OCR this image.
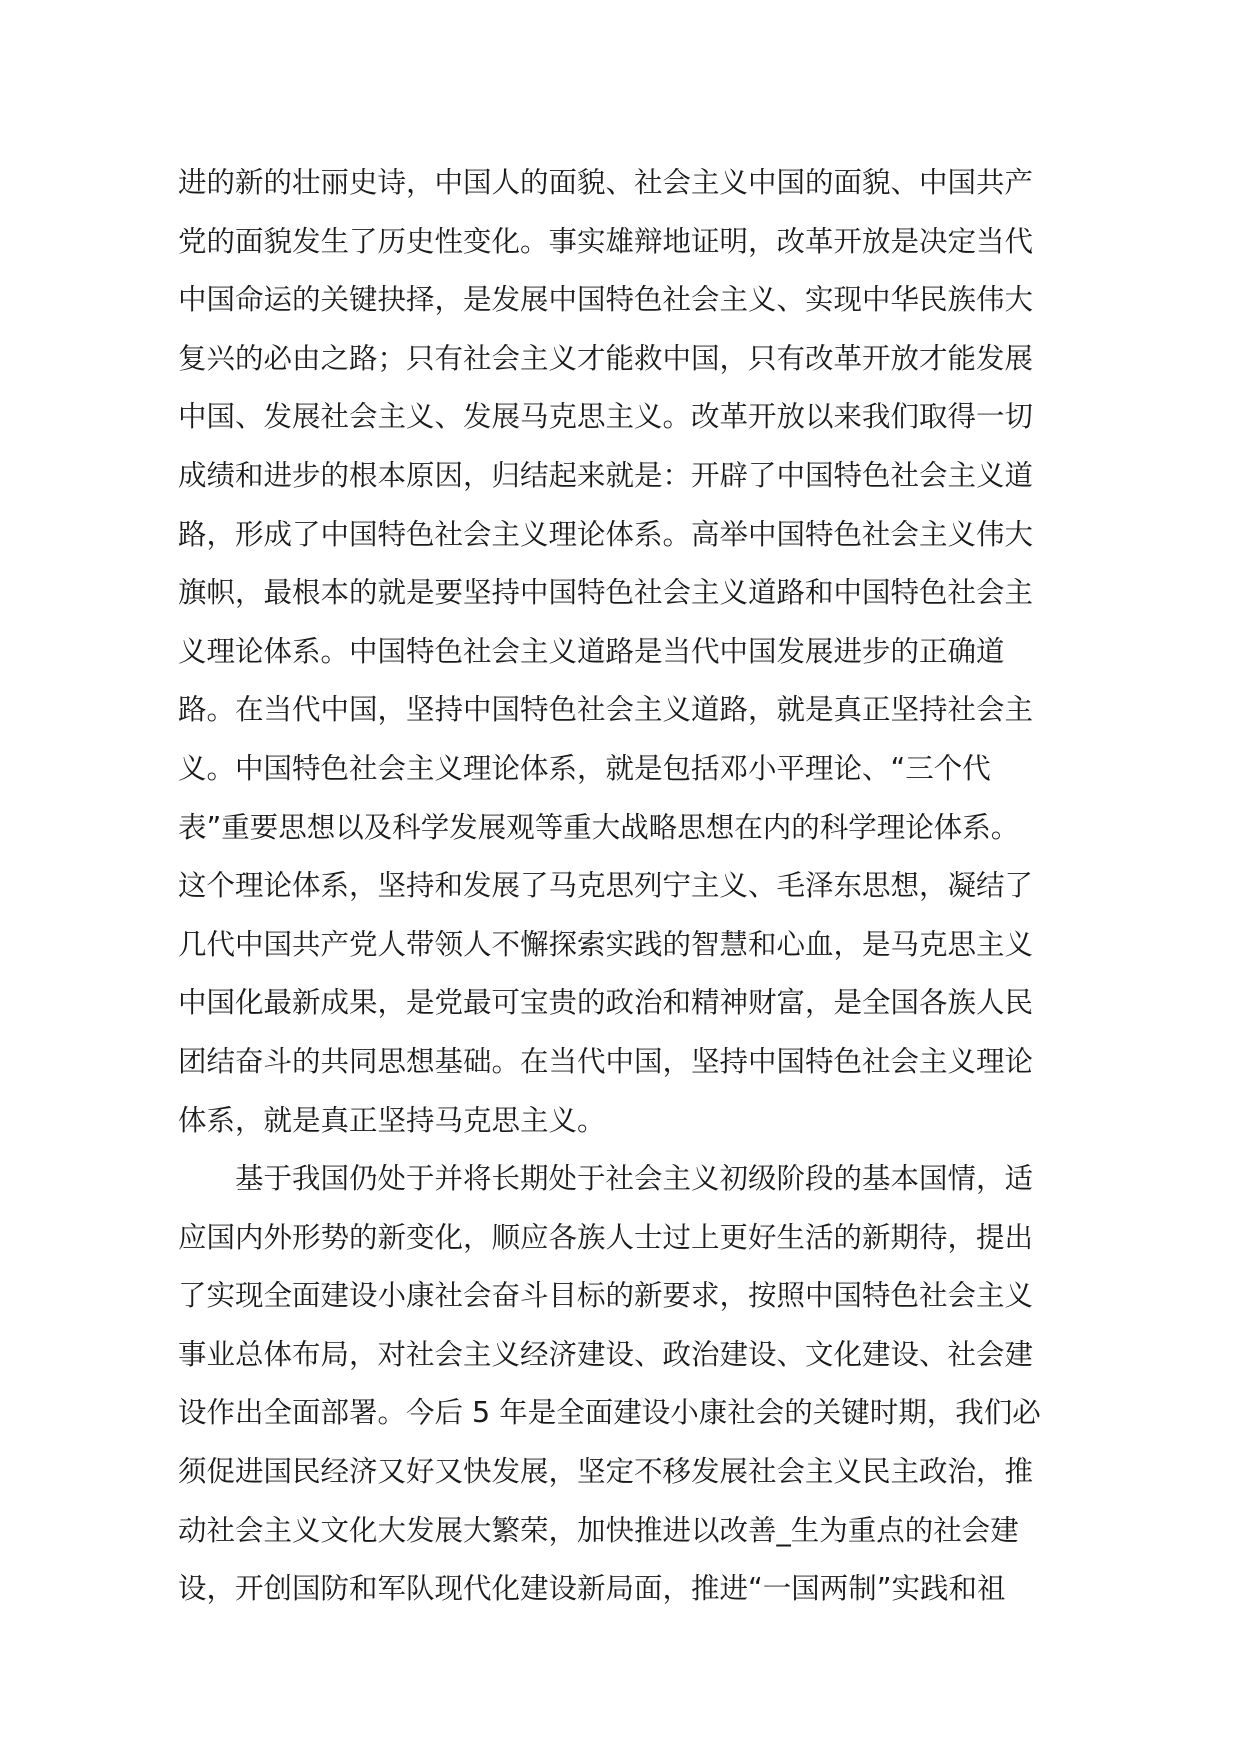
进的新的壮丽史诗，中国人的面貌、社会主义中国的面貌、中国共产
党的面貌发生了历史性变化。事实雄辩地证明，改革开放是决定当代
中国命运的关键抉择，是发展中国特色社会主义、实现中华民族伟大
复兴的必由之路；只有社会主义才能救中国，只有改革开放才能发展
中国、发展社会主义、发展马克思主义。改革开放以来我们取得一切
成绩和进步的根本原因，归结起来就是：开辟了中国特色社会主义道
路，形成了中国特色社会主义理论体系。高举中国特色社会主义伟大
旗帜，最根本的就是要坚持中国特色社会主义道路和中国特色社会主
义理论体系。中国特色社会主义道路是当代中国发展进步的正确道
路。在当代中国，坚持中国特色社会主义道路，就是真正坚持社会主
义。中国特色社会主义理论体系，就是包括邓小平理论、“三个代
表”重要思想以及科学发展观等重大战略思想在内的科学理论体系。
这个理论体系，坚持和发展了马克思列宁主义、毛泽东思想，凝结了
几代中国共产党人带领人不懈探索实践的智慧和心血，是马克思主义
中国化最新成果，是党最可宝贵的政治和精神财富，是全国各族人民
团结奋斗的共同思想基础。在当代中国，坚持中国特色社会主义理论
体系，就是真正坚持马克思主义。
基于我国仍处于并将长期处于社会主义初级阶段的基本国情，适
应国内外形势的新变化，顺应各族人士过上更好生活的新期待，提出
了实现全面建设小康社会奋斗目标的新要求，按照中国特色社会主义
事业总体布局，对社会主义经济建设、政治建设、文化建设、社会建
设作出全面部署。今后 5 年是全面建设小康社会的关键时期，我们必
须促进国民经济又好又快发展，坚定不移发展社会主义民主政治，推
动社会主义文化大发展大繁荣，加快推进以改善_生为重点的社会建
设，开创国防和军队现代化建设新局面，推进“一国两制”实践和祖
